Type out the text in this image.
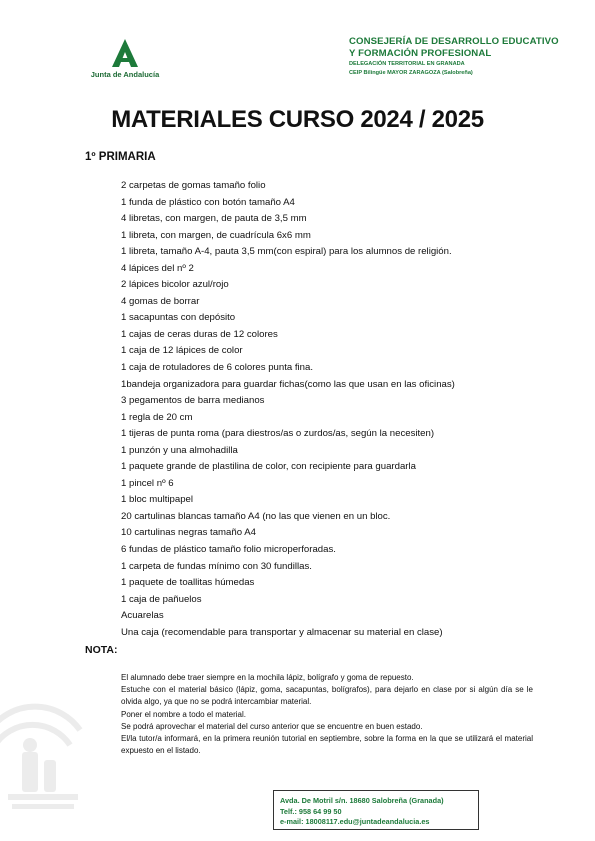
Junta de Andalucía
CONSEJERÍA DE DESARROLLO EDUCATIVO
Y FORMACIÓN PROFESIONAL
DELEGACIÓN TERRITORIAL EN GRANADA
CEIP Bilingüe MAYOR ZARAGOZA (Salobreña)
MATERIALES CURSO 2024 / 2025
1º PRIMARIA
2 carpetas de gomas tamaño folio
1 funda de plástico con botón tamaño A4
4 libretas, con margen, de pauta de 3,5 mm
1 libreta, con margen, de cuadrícula 6x6 mm
1 libreta, tamaño A-4, pauta 3,5 mm(con espiral) para los alumnos de religión.
4 lápices del nº 2
2 lápices bicolor azul/rojo
4 gomas de borrar
1 sacapuntas con depósito
1 cajas de ceras duras de 12 colores
1 caja de 12 lápices de color
1 caja de rotuladores de 6 colores punta fina.
1bandeja organizadora para guardar fichas(como las que usan en las oficinas)
3 pegamentos de barra medianos
1 regla de 20 cm
1 tijeras de punta roma (para diestros/as o zurdos/as, según la necesiten)
1 punzón y una almohadilla
1 paquete grande de plastilina de color, con recipiente para guardarla
1 pincel nº 6
1 bloc multipapel
20 cartulinas blancas tamaño A4 (no las que vienen en un bloc.
10 cartulinas negras tamaño A4
6 fundas de plástico tamaño folio microperforadas.
1 carpeta de fundas mínimo con 30 fundillas.
1 paquete de toallitas húmedas
1 caja de pañuelos
Acuarelas
Una caja (recomendable para transportar y almacenar su material en clase)
NOTA:
El alumnado debe traer siempre en la mochila lápiz, bolígrafo y goma de repuesto.
Estuche con el material básico (lápiz, goma, sacapuntas, bolígrafos), para dejarlo en clase por si algún día se le olvida algo, ya que no se podrá intercambiar material.
Poner el nombre a todo el material.
Se podrá aprovechar el material del curso anterior que se encuentre en buen estado.
El/la tutor/a informará, en la primera reunión tutorial en septiembre, sobre la forma en la que se utilizará el material expuesto en el listado.
Avda. De Motril s/n. 18680 Salobreña (Granada)
Telf.: 958 64 99 50
e-mail: 18008117.edu@juntadeandalucia.es
